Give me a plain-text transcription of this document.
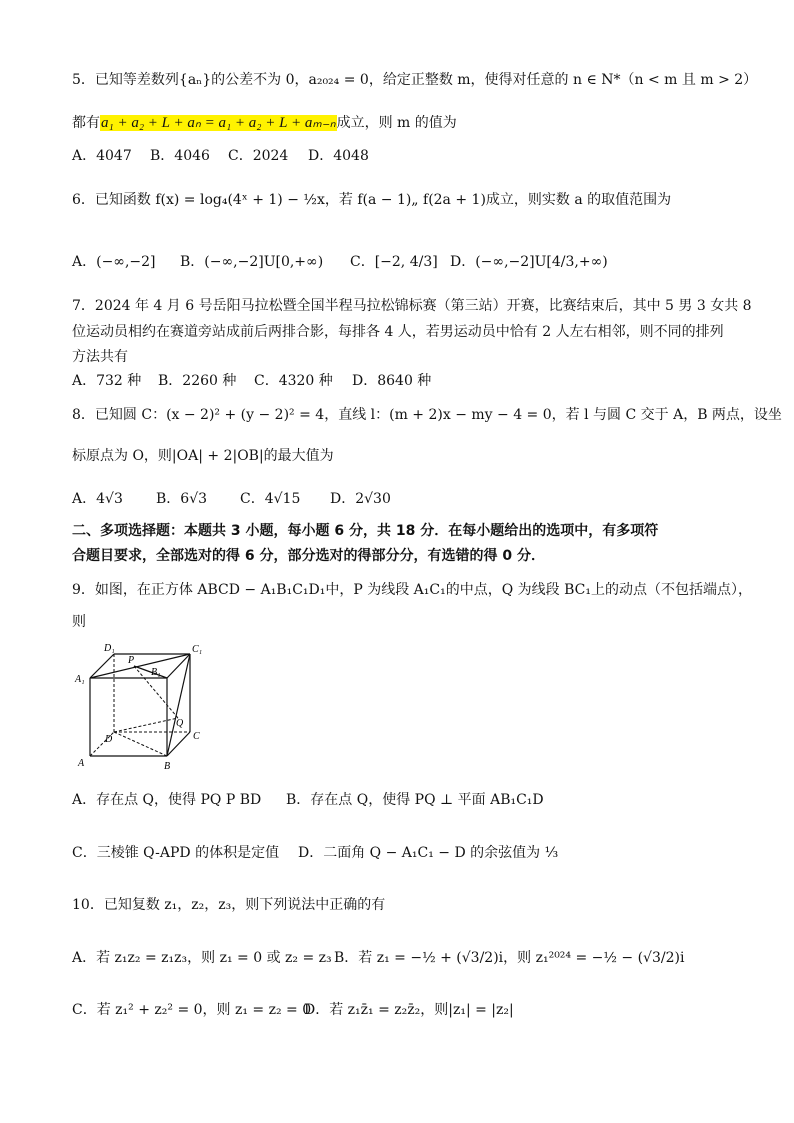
5．已知等差数列{aₙ}的公差不为 0，a₂₀₂₄ = 0，给定正整数 m，使得对任意的 n ∈ N*（n < m 且 m > 2）
都有a₁ + a₂ + L + aₙ = a₁ + a₂ + L + aₘ₋ₙ成立，则 m 的值为
A．4047 B．4046 C．2024 D．4048
6．已知函数 f(x) = log₄(4ˣ + 1) − ½x，若 f(a − 1)„ f(2a + 1)成立，则实数 a 的取值范围为
A．(−∞,−2] B．(−∞,−2]U[0,+∞) C．[−2, 4/3] D．(−∞,−2]U[4/3,+∞)
7．2024 年 4 月 6 号岳阳马拉松暨全国半程马拉松锦标赛（第三站）开赛，比赛结束后，其中 5 男 3 女共 8
位运动员相约在赛道旁站成前后两排合影，每排各 4 人，若男运动员中恰有 2 人左右相邻，则不同的排列
方法共有
A．732 种 B．2260 种 C．4320 种 D．8640 种
8．已知圆 C：(x − 2)² + (y − 2)² = 4，直线 l：(m + 2)x − my − 4 = 0，若 l 与圆 C 交于 A，B 两点，设坐
标原点为 O，则|OA| + 2|OB|的最大值为
A．4√3 B．6√3 C．4√15 D．2√30
二、多项选择题：本题共 3 小题，每小题 6 分，共 18 分．在每小题给出的选项中，有多项符
合题目要求，全部选对的得 6 分，部分选对的得部分分，有选错的得 0 分．
9．如图，在正方体 ABCD − A₁B₁C₁D₁中，P 为线段 A₁C₁的中点，Q 为线段 BC₁上的动点（不包括端点），
则
D₁	C₁
P
B₁
A₁
D
Q
C
A	B
A．存在点 Q，使得 PQ P BD B．存在点 Q，使得 PQ ⊥ 平面 AB₁C₁D
C．三棱锥 Q-APD 的体积是定值 D．二面角 Q − A₁C₁ − D 的余弦值为 ⅓
10．已知复数 z₁，z₂，z₃，则下列说法中正确的有
A．若 z₁z₂ = z₁z₃，则 z₁ = 0 或 z₂ = z₃ B．若 z₁ = −½ + (√3/2)i，则 z₁²⁰²⁴ = −½ − (√3/2)i
C．若 z₁² + z₂² = 0，则 z₁ = z₂ = 0D．若 z₁z̄₁ = z₂z̄₂，则|z₁| = |z₂|
